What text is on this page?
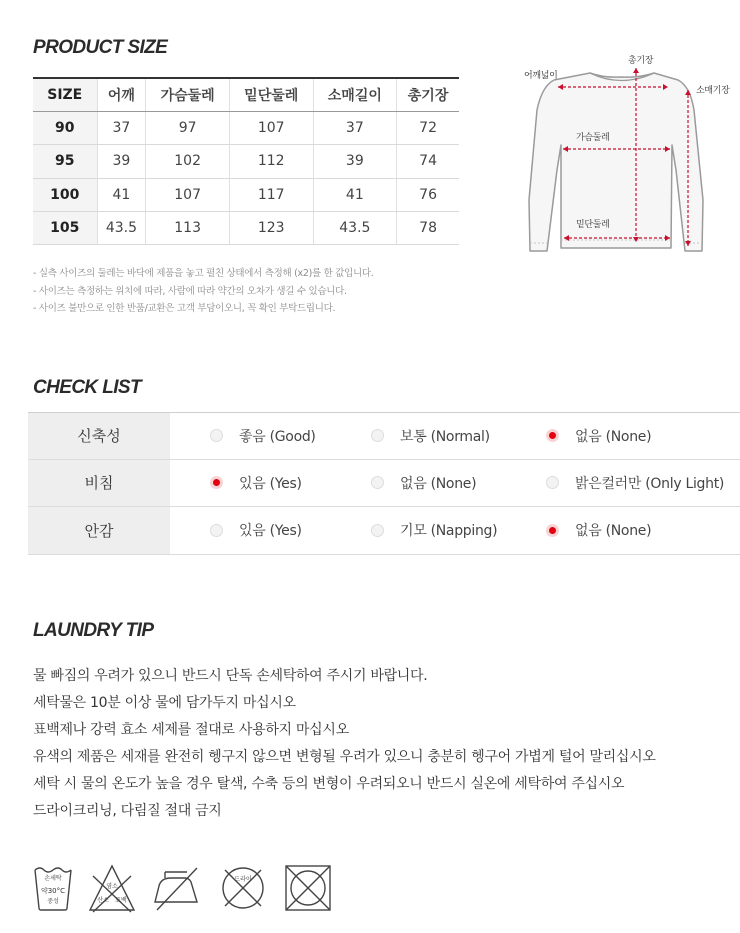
PRODUCT SIZE
SIZE	어깨	가슴둘레	밑단둘레	소매길이	총기장
90	37	97	107	37	72
95	39	102	112	39	74
100	41	107	117	41	76
105	43.5	113	123	43.5	78
- 실측 사이즈의 둘레는 바닥에 제품을 놓고 펼친 상태에서 측정해 (x2)를 한 값입니다.
- 사이즈는 측정하는 위치에 따라, 사람에 따라 약간의 오차가 생길 수 있습니다.
- 사이즈 불만으로 인한 반품/교환은 고객 부담이오니, 꼭 확인 부탁드립니다.
총기장
어깨넓이
소매기장
가슴둘레
밑단둘레
CHECK LIST
신축성	좋음 (Good)	보통 (Normal)	없음 (None)
비침	있음 (Yes)	없음 (None)	밝은컬러만 (Only Light)
안감	있음 (Yes)	기모 (Napping)	없음 (None)
LAUNDRY TIP
물 빠짐의 우려가 있으니 반드시 단독 손세탁하여 주시기 바랍니다.
세탁물은 10분 이상 물에 담가두지 마십시오
표백제나 강력 효소 세제를 절대로 사용하지 마십시오
유색의 제품은 세재를 완전히 헹구지 않으면 변형될 우려가 있으니 충분히 헹구어 가볍게 털어 말리십시오
세탁 시 물의 온도가 높을 경우 탈색, 수축 등의 변형이 우려되오니 반드시 실온에 세탁하여 주십시오
드라이크리닝, 다림질 절대 금지
손세탁
약30°C
중성
염소
산소 표백
드라이
